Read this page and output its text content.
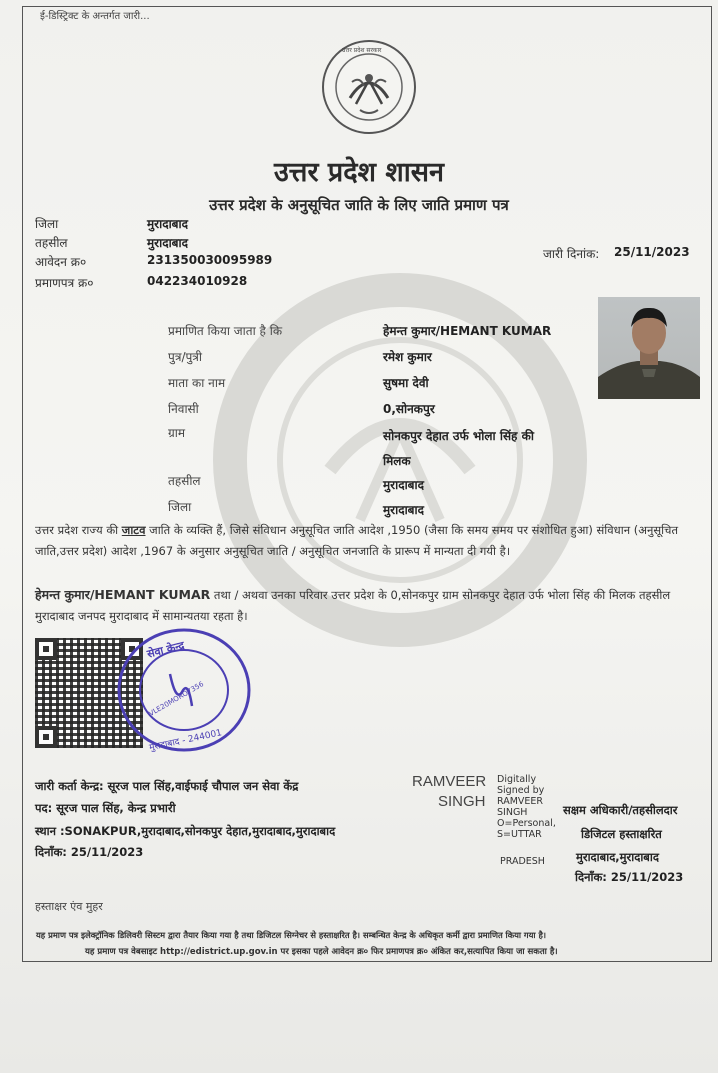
ई-डिस्ट्रिक्ट के अन्तर्गत जारी...
उत्तर प्रदेश सरकार
उत्तर प्रदेश शासन
उत्तर प्रदेश के अनुसूचित जाति के लिए जाति प्रमाण पत्र
जिला	मुरादाबाद
तहसील	मुरादाबाद
आवेदन क्र०	231350030095989
प्रमाणपत्र क्र०	042234010928
जारी दिनांक: 25/11/2023
प्रमाणित किया जाता है कि	हेमन्त कुमार/HEMANT KUMAR
पुत्र/पुत्री	रमेश कुमार
माता का नाम	सुषमा देवी
निवासी	0,सोनकपुर
ग्राम	सोनकपुर देहात उर्फ भोला सिंह की
मिलक
तहसील	मुरादाबाद
जिला	मुरादाबाद
उत्तर प्रदेश राज्य की जाटव जाति के व्यक्ति हैं, जिसे संविधान अनुसूचित जाति आदेश ,1950 (जैसा कि समय समय पर संशोधित हुआ) संविधान (अनुसूचित जाति,उत्तर प्रदेश) आदेश ,1967 के अनुसार अनुसूचित जाति / अनुसूचित जनजाति के प्रारूप में मान्यता दी गयी है।
हेमन्त कुमार/HEMANT KUMAR तथा / अथवा उनका परिवार उत्तर प्रदेश के 0,सोनकपुर ग्राम सोनकपुर देहात उर्फ भोला सिंह की मिलक तहसील मुरादाबाद जनपद मुरादाबाद में सामान्यतया रहता है।
सेवा केन्द्र
VLE20MORO7356
मुरादाबाद - 244001
जारी कर्ता केन्द्र: सूरज पाल सिंह,वाईफाई चौपाल जन सेवा केंद्र
पद: सूरज पाल सिंह, केन्द्र प्रभारी
स्थान :SONAKPUR,मुरादाबाद,सोनकपुर देहात,मुरादाबाद,मुरादाबाद
दिनाँक: 25/11/2023
RAMVEER
SINGH
Digitally
Signed by
RAMVEER
SINGH
O=Personal,
S=UTTAR
PRADESH
सक्षम अधिकारी/तहसीलदार
डिजिटल हस्ताक्षरित
मुरादाबाद,मुरादाबाद
दिनाँक: 25/11/2023
हस्ताक्षर एंव मुहर
यह प्रमाण पत्र इलेक्ट्रॉनिक डिलिवरी सिस्टम द्वारा तैयार किया गया है तथा डिजिटल सिग्नेचर से हस्ताक्षरित है। सम्बन्धित केन्द्र के अधिकृत कर्मी द्वारा प्रमाणित किया गया है।
यह प्रमाण पत्र वेबसाइट http://edistrict.up.gov.in पर इसका पहले आवेदन क्र० फिर प्रमाणपत्र क्र० अंकित कर,सत्यापित किया जा सकता है।
